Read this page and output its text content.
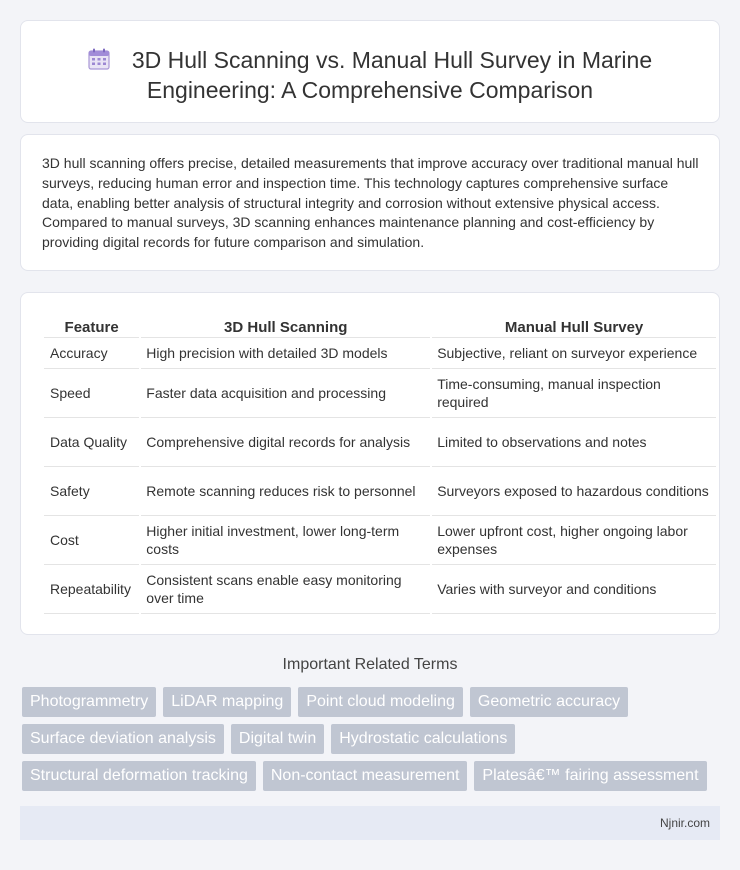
3D Hull Scanning vs. Manual Hull Survey in Marine
Engineering: A Comprehensive Comparison

3D hull scanning offers precise, detailed measurements that improve accuracy over traditional manual hull surveys, reducing human error and inspection time. This technology captures comprehensive surface data, enabling better analysis of structural integrity and corrosion without extensive physical access. Compared to manual surveys, 3D scanning enhances maintenance planning and cost-efficiency by providing digital records for future comparison and simulation.

Feature	3D Hull Scanning	Manual Hull Survey
Accuracy	High precision with detailed 3D models	Subjective, reliant on surveyor experience
Speed	Faster data acquisition and processing	Time-consuming, manual inspection required
Data Quality	Comprehensive digital records for analysis	Limited to observations and notes
Safety	Remote scanning reduces risk to personnel	Surveyors exposed to hazardous conditions
Cost	Higher initial investment, lower long-term costs	Lower upfront cost, higher ongoing labor expenses
Repeatability	Consistent scans enable easy monitoring over time	Varies with surveyor and conditions
Important Related Terms
Photogrammetry	LiDAR mapping	Point cloud modeling	Geometric accuracy
Surface deviation analysis	Digital twin	Hydrostatic calculations
Structural deformation tracking	Non-contact measurement	Platesâ€™ fairing assessment
Njnir.com
